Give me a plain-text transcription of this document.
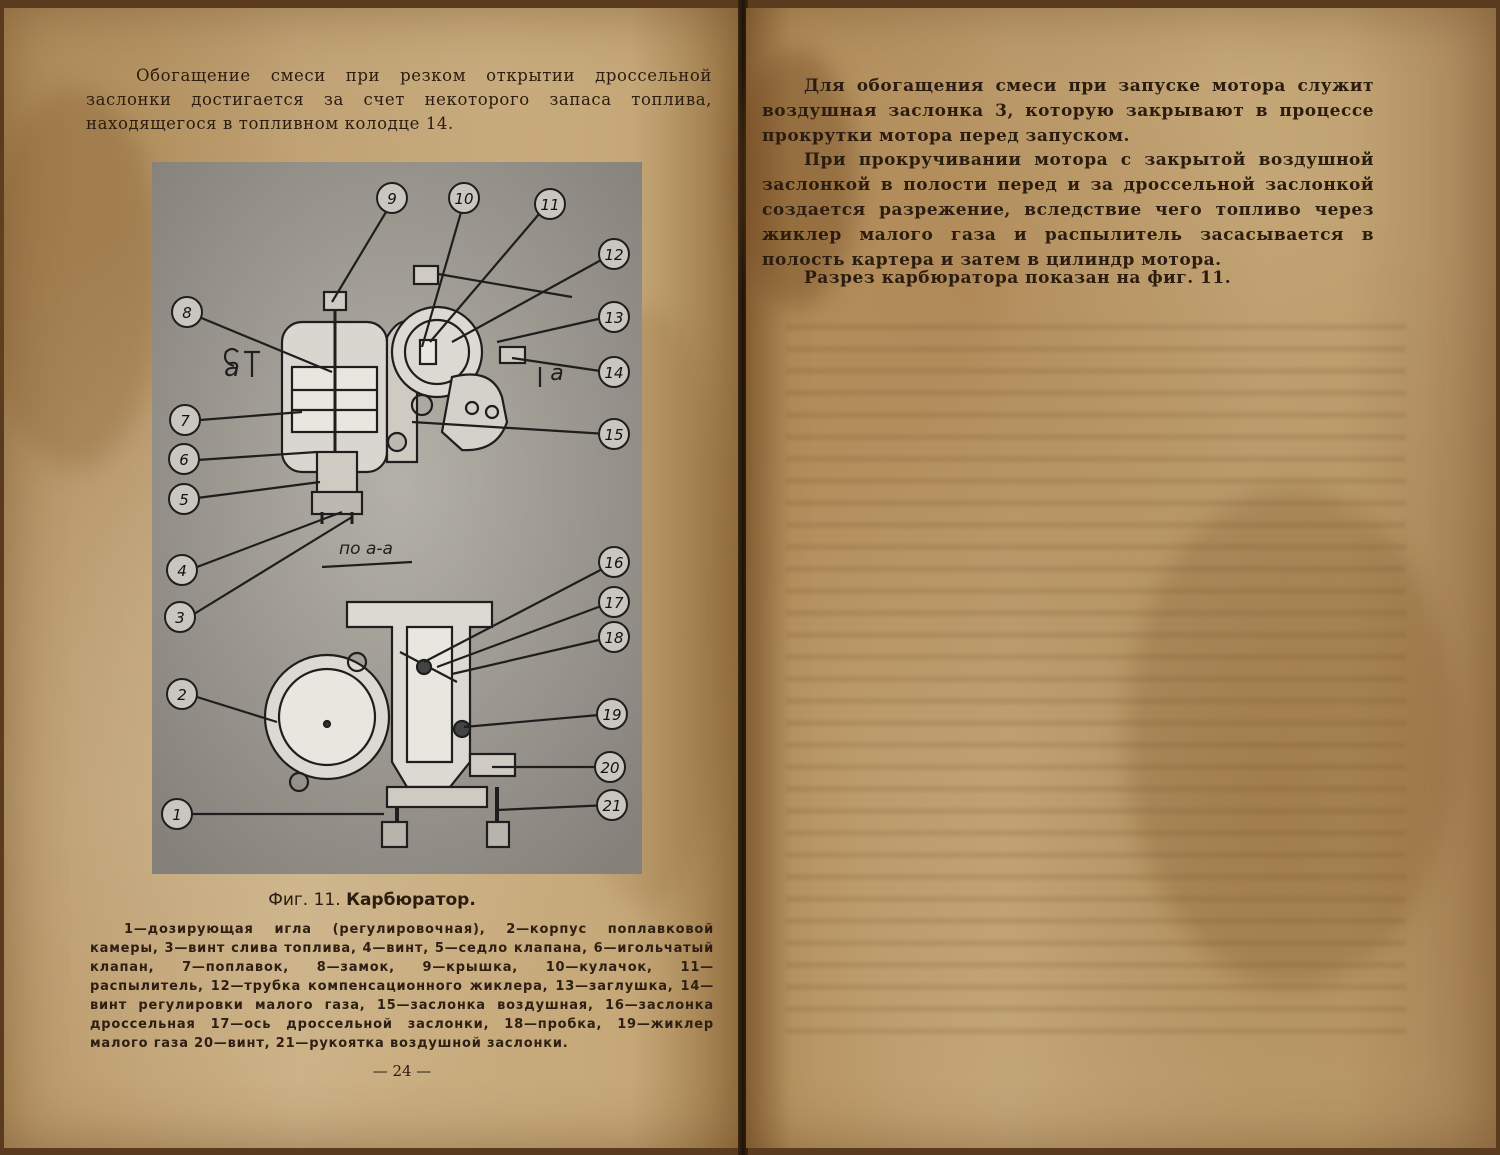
Обогащение смеси при резком открытии дроссельной заслонки достигается за счет некоторого запаса топлива, находящегося в топливном колодце 14.

по а-а
а	а
1
2
3
4
5
6
7
8
9	10	11
12
13
14
15
16
17
18
19
20
21
Фиг. 11. Карбюратор.

1—дозирующая игла (регулировочная), 2—корпус поплавковой камеры, 3—винт слива топлива, 4—винт, 5—седло клапана, 6—игольчатый клапан, 7—поплавок, 8—замок, 9—крышка, 10—кулачок, 11—распылитель, 12—трубка компенсационного жиклера, 13—заглушка, 14—винт регулировки малого газа, 15—заслонка воздушная, 16—заслонка дроссельная 17—ось дроссельной заслонки, 18—пробка, 19—жиклер малого газа 20—винт, 21—рукоятка воздушной заслонки.

— 24 —

Для обогащения смеси при запуске мотора служит воздушная заслонка 3, которую закрывают в процессе прокрутки мотора перед запуском.

При прокручивании мотора с закрытой воздушной заслонкой в полости перед и за дроссельной заслонкой создается разрежение, вследствие чего топливо через жиклер малого газа и распылитель засасывается в полость картера и затем в цилиндр мотора.

Разрез карбюратора показан на фиг. 11.
